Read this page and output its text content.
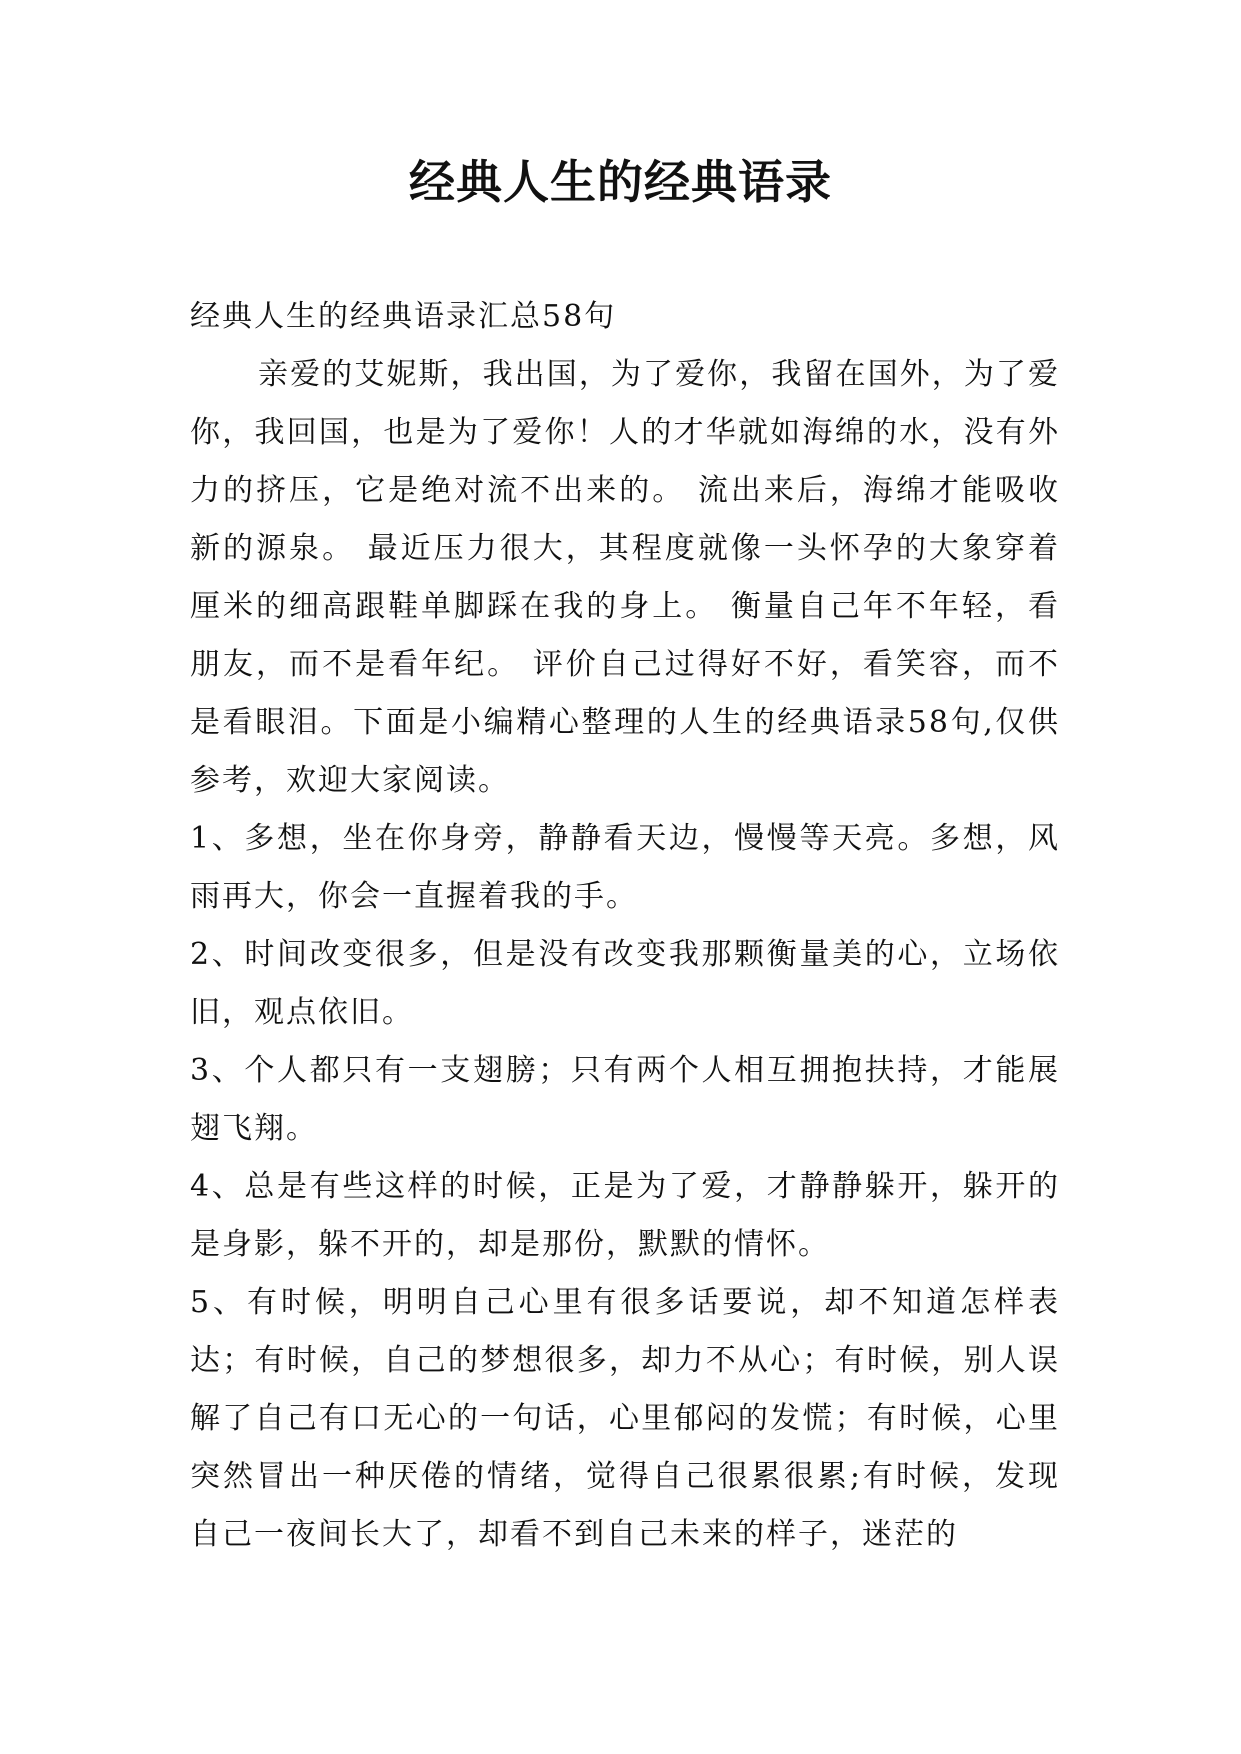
经典人生的经典语录

经典人生的经典语录汇总58句

亲爱的艾妮斯，我出国，为了爱你，我留在国外，为了爱你，我回国，也是为了爱你！人的才华就如海绵的水，没有外力的挤压，它是绝对流不出来的。 流出来后，海绵才能吸收新的源泉。 最近压力很大，其程度就像一头怀孕的大象穿着厘米的细高跟鞋单脚踩在我的身上。 衡量自己年不年轻，看朋友，而不是看年纪。 评价自己过得好不好，看笑容，而不是看眼泪。下面是小编精心整理的人生的经典语录58句,仅供参考，欢迎大家阅读。

1、多想，坐在你身旁，静静看天边，慢慢等天亮。多想，风雨再大，你会一直握着我的手。

2、时间改变很多，但是没有改变我那颗衡量美的心，立场依旧，观点依旧。

3、个人都只有一支翅膀；只有两个人相互拥抱扶持，才能展翅飞翔。

4、总是有些这样的时候，正是为了爱，才静静躲开，躲开的是身影，躲不开的，却是那份，默默的情怀。

5、有时候，明明自己心里有很多话要说，却不知道怎样表达；有时候，自己的梦想很多，却力不从心；有时候，别人误解了自己有口无心的一句话，心里郁闷的发慌；有时候，心里突然冒出一种厌倦的情绪，觉得自己很累很累;有时候，发现自己一夜间长大了，却看不到自己未来的样子，迷茫的
